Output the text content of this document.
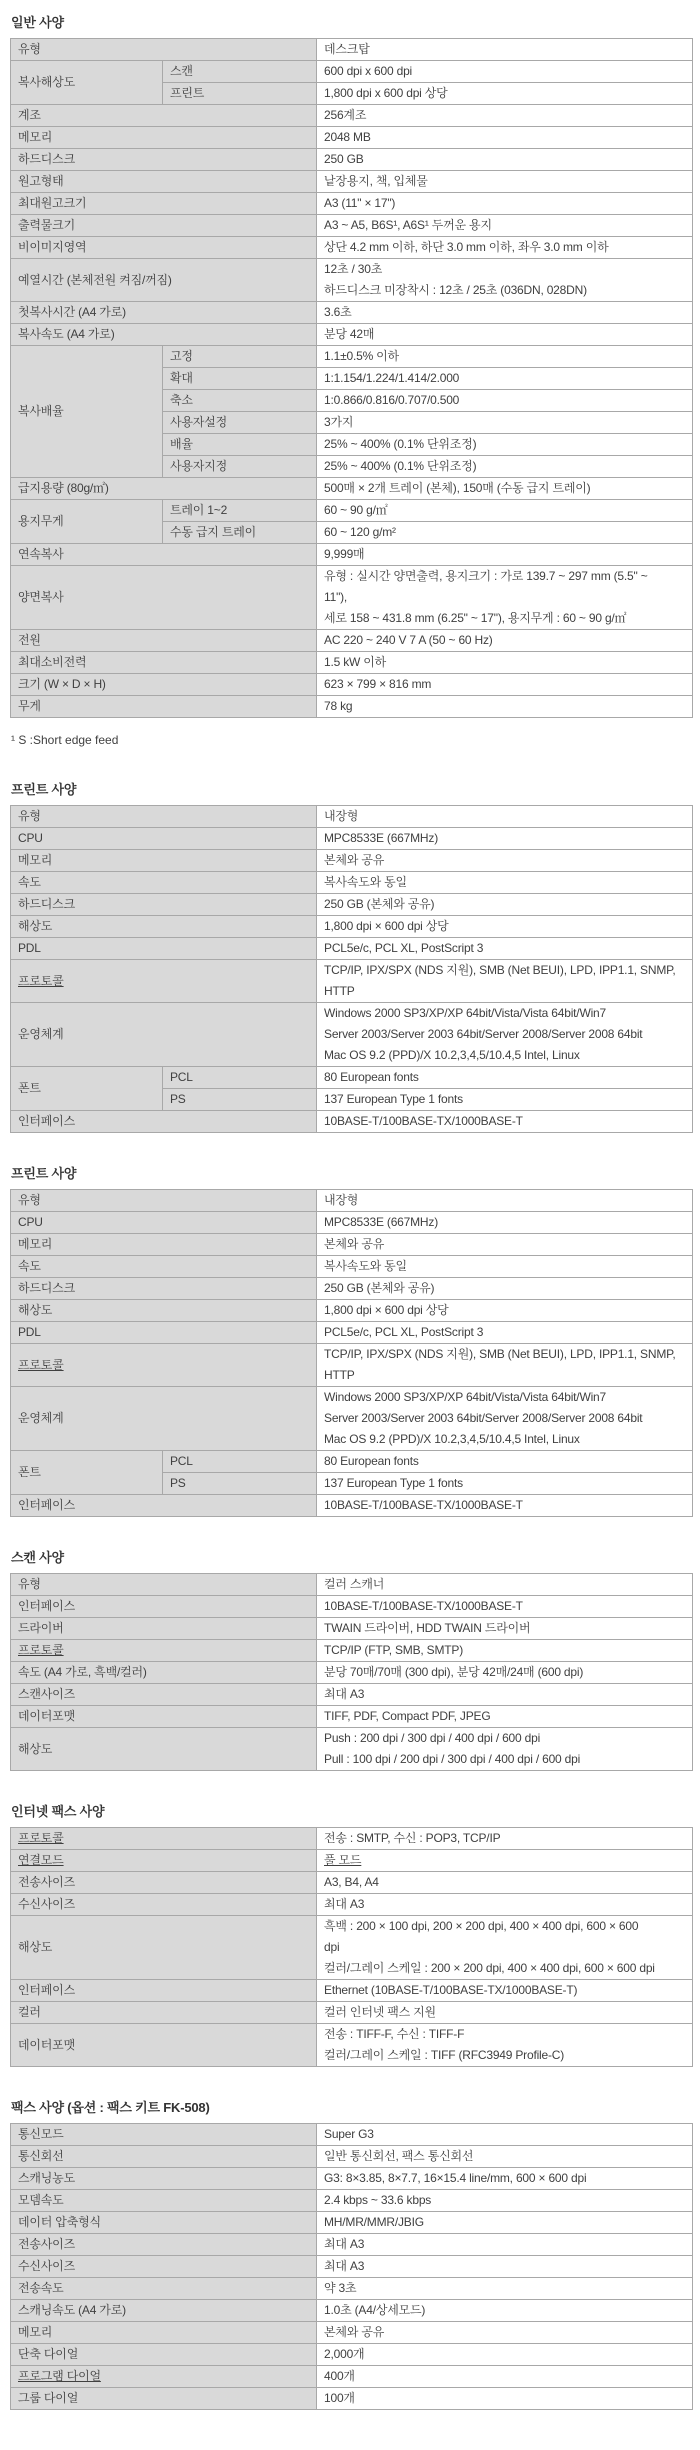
일반 사양
유형		데스크탑

복사해상도	스캔	600 dpi x 600 dpi

	프린트	1,800 dpi x 600 dpi 상당

계조		256계조

메모리		2048 MB

하드디스크		250 GB

원고형태		낱장용지, 책, 입체물

최대원고크기		A3 (11" × 17")

출력물크기		A3 ~ A5, B6S¹, A6S¹ 두꺼운 용지

비이미지영역		상단 4.2 mm 이하, 하단 3.0 mm 이하, 좌우 3.0 mm 이하

예열시간 (본체전원 켜짐/꺼짐)		12초 / 30초
하드디스크 미장착시 : 12초 / 25초 (036DN, 028DN)

첫복사시간 (A4 가로)		3.6초

복사속도 (A4 가로)		분당 42매

복사배율	고정	1.1±0.5% 이하

	확대	1:1.154/1.224/1.414/2.000

	축소	1:0.866/0.816/0.707/0.500

	사용자설정	3가지

	배율	25% ~ 400% (0.1% 단위조정)

	사용자지정	25% ~ 400% (0.1% 단위조정)

급지용량 (80g/㎡)		500매 × 2개 트레이 (본체), 150매 (수동 급지 트레이)

용지무게	트레이 1~2	60 ~ 90 g/㎡

	수동 급지 트레이	60 ~ 120 g/m²

연속복사		9,999매

양면복사		유형 : 실시간 양면출력, 용지크기 : 가로 139.7 ~ 297 mm (5.5" ~
11"),
세로 158 ~ 431.8 mm (6.25" ~ 17"), 용지무게 : 60 ~ 90 g/㎡

전원		AC 220 ~ 240 V 7 A (50 ~ 60 Hz)

최대소비전력		1.5 kW 이하

크기 (W × D × H)		623 × 799 × 816 mm

무게		78 kg
¹ S :Short edge feed
프린트 사양
유형		내장형

CPU		MPC8533E (667MHz)

메모리		본체와 공유

속도		복사속도와 동일

하드디스크		250 GB (본체와 공유)

해상도		1,800 dpi × 600 dpi 상당

PDL		PCL5e/c, PCL XL, PostScript 3

프로토콜		TCP/IP, IPX/SPX (NDS 지원), SMB (Net BEUI), LPD, IPP1.1, SNMP,
HTTP

운영체계		Windows 2000 SP3/XP/XP 64bit/Vista/Vista 64bit/Win7
Server 2003/Server 2003 64bit/Server 2008/Server 2008 64bit
Mac OS 9.2 (PPD)/X 10.2,3,4,5/10.4,5 Intel, Linux

폰트	PCL	80 European fonts

	PS	137 European Type 1 fonts

인터페이스		10BASE-T/100BASE-TX/1000BASE-T
프린트 사양
유형		내장형

CPU		MPC8533E (667MHz)

메모리		본체와 공유

속도		복사속도와 동일

하드디스크		250 GB (본체와 공유)

해상도		1,800 dpi × 600 dpi 상당

PDL		PCL5e/c, PCL XL, PostScript 3

프로토콜		TCP/IP, IPX/SPX (NDS 지원), SMB (Net BEUI), LPD, IPP1.1, SNMP,
HTTP

운영체계		Windows 2000 SP3/XP/XP 64bit/Vista/Vista 64bit/Win7
Server 2003/Server 2003 64bit/Server 2008/Server 2008 64bit
Mac OS 9.2 (PPD)/X 10.2,3,4,5/10.4,5 Intel, Linux

폰트	PCL	80 European fonts

	PS	137 European Type 1 fonts

인터페이스		10BASE-T/100BASE-TX/1000BASE-T
스캔 사양
유형	컬러 스캐너

인터페이스	10BASE-T/100BASE-TX/1000BASE-T

드라이버	TWAIN 드라이버, HDD TWAIN 드라이버

프로토콜	TCP/IP (FTP, SMB, SMTP)

속도 (A4 가로, 흑백/컬러)	분당 70매/70매 (300 dpi), 분당 42매/24매 (600 dpi)

스캔사이즈	최대 A3

데이터포맷	TIFF, PDF, Compact PDF, JPEG

해상도	Push : 200 dpi / 300 dpi / 400 dpi / 600 dpi
Pull : 100 dpi / 200 dpi / 300 dpi / 400 dpi / 600 dpi
인터넷 팩스 사양
프로토콜	전송 : SMTP, 수신 : POP3, TCP/IP

연결모드	풀 모드

전송사이즈	A3, B4, A4

수신사이즈	최대 A3

해상도	흑백 : 200 × 100 dpi, 200 × 200 dpi, 400 × 400 dpi, 600 × 600
dpi
컬러/그레이 스케일 : 200 × 200 dpi, 400 × 400 dpi, 600 × 600 dpi

인터페이스	Ethernet (10BASE-T/100BASE-TX/1000BASE-T)

컬러	컬러 인터넷 팩스 지원

데이터포맷	전송 : TIFF-F, 수신 : TIFF-F
컬러/그레이 스케일 : TIFF (RFC3949 Profile-C)
팩스 사양 (옵션 : 팩스 키트 FK-508)
통신모드	Super G3

통신회선	일반 통신회선, 팩스 통신회선

스캐닝농도	G3: 8×3.85, 8×7.7, 16×15.4 line/mm, 600 × 600 dpi

모뎀속도	2.4 kbps ~ 33.6 kbps

데이터 압축형식	MH/MR/MMR/JBIG

전송사이즈	최대 A3

수신사이즈	최대 A3

전송속도	약 3초

스캐닝속도 (A4 가로)	1.0초 (A4/상세모드)

메모리	본체와 공유

단축 다이얼	2,000개

프로그램 다이얼	400개

그룹 다이얼	100개
